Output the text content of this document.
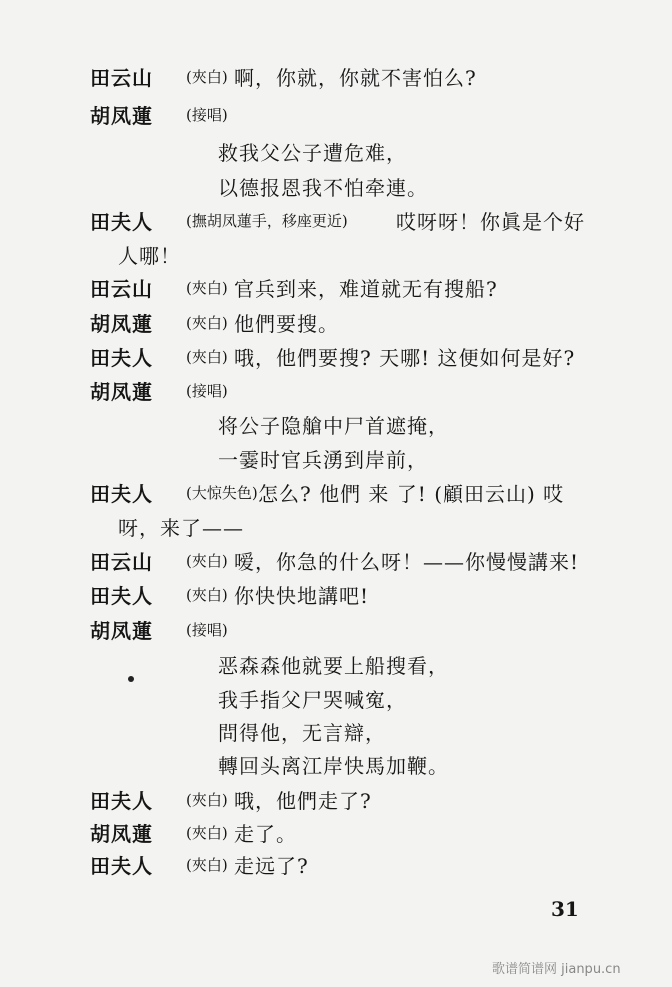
田云山 (夾白) 啊，你就，你就不害怕么?
胡凤蓮 (接唱)
救我父公子遭危难，
以德报恩我不怕牵連。
田夫人 (撫胡凤蓮手，移座更近) 哎呀呀！你眞是个好
人哪！
田云山 (夾白) 官兵到来，难道就无有搜船?
胡凤蓮 (夾白) 他們要搜。
田夫人 (夾白) 哦，他們要搜? 天哪! 这便如何是好?
胡凤蓮 (接唱)
将公子隐艙中尸首遮掩，
一霎时官兵湧到岸前，
田夫人 (大惊失色) 怎么? 他們 来 了! (顧田云山) 哎
呀，来了——
田云山 (夾白) 嗳，你急的什么呀！——你慢慢講来!
田夫人 (夾白) 你快快地講吧!
胡凤蓮 (接唱)
恶森森他就要上船搜看，
我手指父尸哭喊寃，
問得他，无言辯，
轉回头离江岸快馬加鞭。
田夫人 (夾白) 哦，他們走了?
胡凤蓮 (夾白) 走了。
田夫人 (夾白) 走远了?
31
歌谱简谱网 jianpu.cn
